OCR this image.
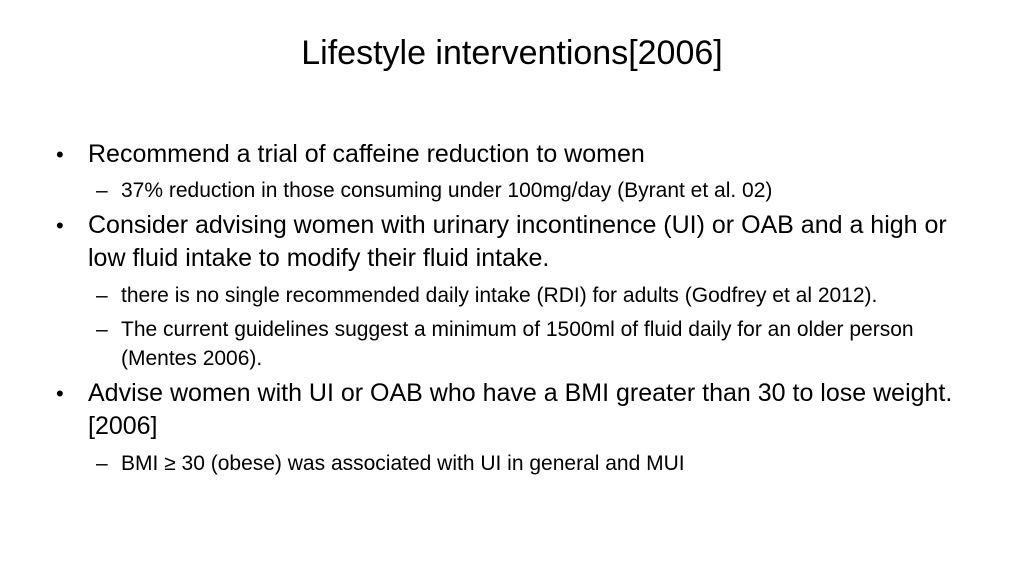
Lifestyle interventions[2006]

• Recommend a trial of caffeine reduction to women

– 37% reduction in those consuming under 100mg/day (Byrant et al. 02)

• Consider advising women with urinary incontinence (UI) or OAB and a high or low fluid intake to modify their fluid intake.

– there is no single recommended daily intake (RDI) for adults (Godfrey et al 2012).

– The current guidelines suggest a minimum of 1500ml of fluid daily for an older person (Mentes 2006).

• Advise women with UI or OAB who have a BMI greater than 30 to lose weight. [2006]

– BMI ≥ 30 (obese) was associated with UI in general and MUI
